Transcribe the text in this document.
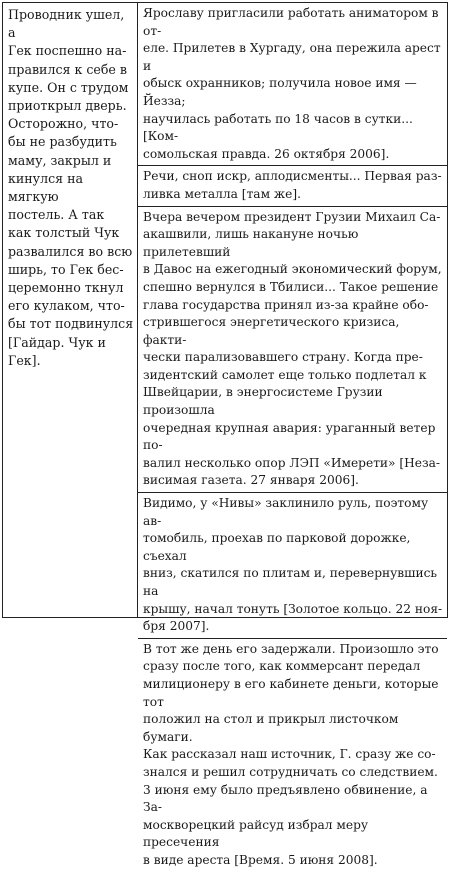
Проводник ушел, а
Гек поспешно на-
правился к себе в
купе. Он с трудом
приоткрыл дверь.
Осторожно, что-
бы не разбудить
маму, закрыл и
кинулся на мягкую
постель. А так
как толстый Чук
развалился во всю
ширь, то Гек бес-
церемонно ткнул
его кулаком, что-
бы тот подвинулся
[Гайдар. Чук и
Гек].
Ярославу пригласили работать аниматором в от-
еле. Прилетев в Хургаду, она пережила арест и
обыск охранников; получила новое имя — Йезза;
научилась работать по 18 часов в сутки... [Ком-
сомольская правда. 26 октября 2006].
Речи, сноп искр, аплодисменты... Первая раз-
ливка металла [там же].
Вчера вечером президент Грузии Михаил Са-
акашвили, лишь накануне ночью прилетевший
в Давос на ежегодный экономический форум,
спешно вернулся в Тбилиси... Такое решение
глава государства принял из-за крайне обо-
стрившегося энергетического кризиса, факти-
чески парализовавшего страну. Когда пре-
зидентский самолет еще только подлетал к
Швейцарии, в энергосистеме Грузии произошла
очередная крупная авария: ураганный ветер по-
валил несколько опор ЛЭП «Имерети» [Неза-
висимая газета. 27 января 2006].
Видимо, у «Нивы» заклинило руль, поэтому ав-
томобиль, проехав по парковой дорожке, съехал
вниз, скатился по плитам и, перевернувшись на
крышу, начал тонуть [Золотое кольцо. 22 ноя-
бря 2007].
В тот же день его задержали. Произошло это
сразу после того, как коммерсант передал
милиционеру в его кабинете деньги, которые тот
положил на стол и прикрыл листочком бумаги.
Как рассказал наш источник, Г. сразу же со-
знался и решил сотрудничать со следствием.
3 июня ему было предъявлено обвинение, а За-
москворецкий райсуд избрал меру пресечения
в виде ареста [Время. 5 июня 2008].
